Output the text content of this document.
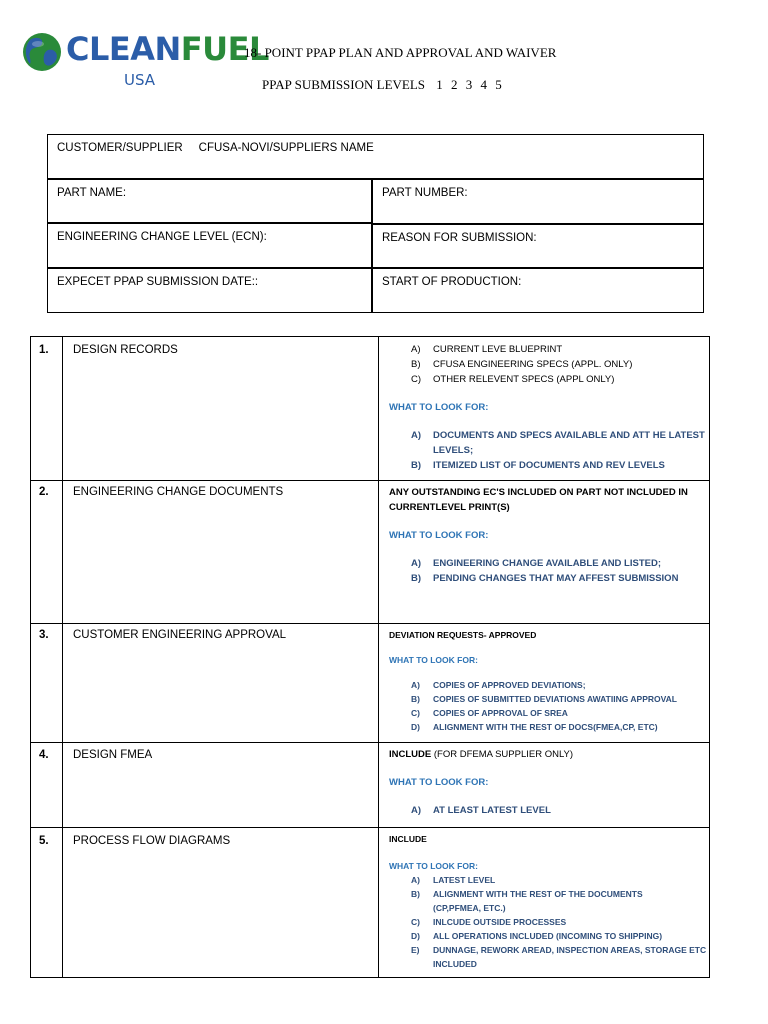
CLEANFUEL
USA
18- POINT PPAP PLAN AND APPROVAL AND WAIVER
PPAP SUBMISSION LEVELS 1 2 3 4 5
CUSTOMER/SUPPLIER     CFUSA-NOVI/SUPPLIERS NAME
PART NAME:	PART NUMBER:
ENGINEERING CHANGE LEVEL (ECN):	REASON FOR SUBMISSION:
EXPECET PPAP SUBMISSION DATE::	START OF PRODUCTION:
1. DESIGN RECORDS	A) CURRENT LEVE BLUEPRINT
B) CFUSA ENGINEERING SPECS (APPL. ONLY)
C) OTHER RELEVENT SPECS (APPL ONLY)
WHAT TO LOOK FOR:
A) DOCUMENTS AND SPECS AVAILABLE AND ATT HE LATEST LEVELS;
B) ITEMIZED LIST OF DOCUMENTS AND REV LEVELS
2. ENGINEERING CHANGE DOCUMENTS	ANY OUTSTANDING EC'S INCLUDED ON PART NOT INCLUDED IN CURRENTLEVEL PRINT(S)
WHAT TO LOOK FOR:
A) ENGINEERING CHANGE AVAILABLE AND LISTED;
B) PENDING CHANGES THAT MAY AFFEST SUBMISSION
3. CUSTOMER ENGINEERING APPROVAL	DEVIATION REQUESTS- APPROVED
WHAT TO LOOK FOR:
A) COPIES OF APPROVED DEVIATIONS;
B) COPIES OF SUBMITTED DEVIATIONS AWATIING APPROVAL
C) COPIES OF APPROVAL OF SREA
D) ALIGNMENT WITH THE REST OF DOCS(FMEA,CP, ETC)
4. DESIGN FMEA	INCLUDE (FOR DFEMA SUPPLIER ONLY)
WHAT TO LOOK FOR:
A) AT LEAST LATEST LEVEL
5. PROCESS FLOW DIAGRAMS	INCLUDE
WHAT TO LOOK FOR:
A) LATEST LEVEL
B) ALIGNMENT WITH THE REST OF THE DOCUMENTS (CP,PFMEA, ETC.)
C) INLCUDE OUTSIDE PROCESSES
D) ALL OPERATIONS INCLUDED (INCOMING TO SHIPPING)
E) DUNNAGE, REWORK AREAD, INSPECTION AREAS, STORAGE ETC INCLUDED
